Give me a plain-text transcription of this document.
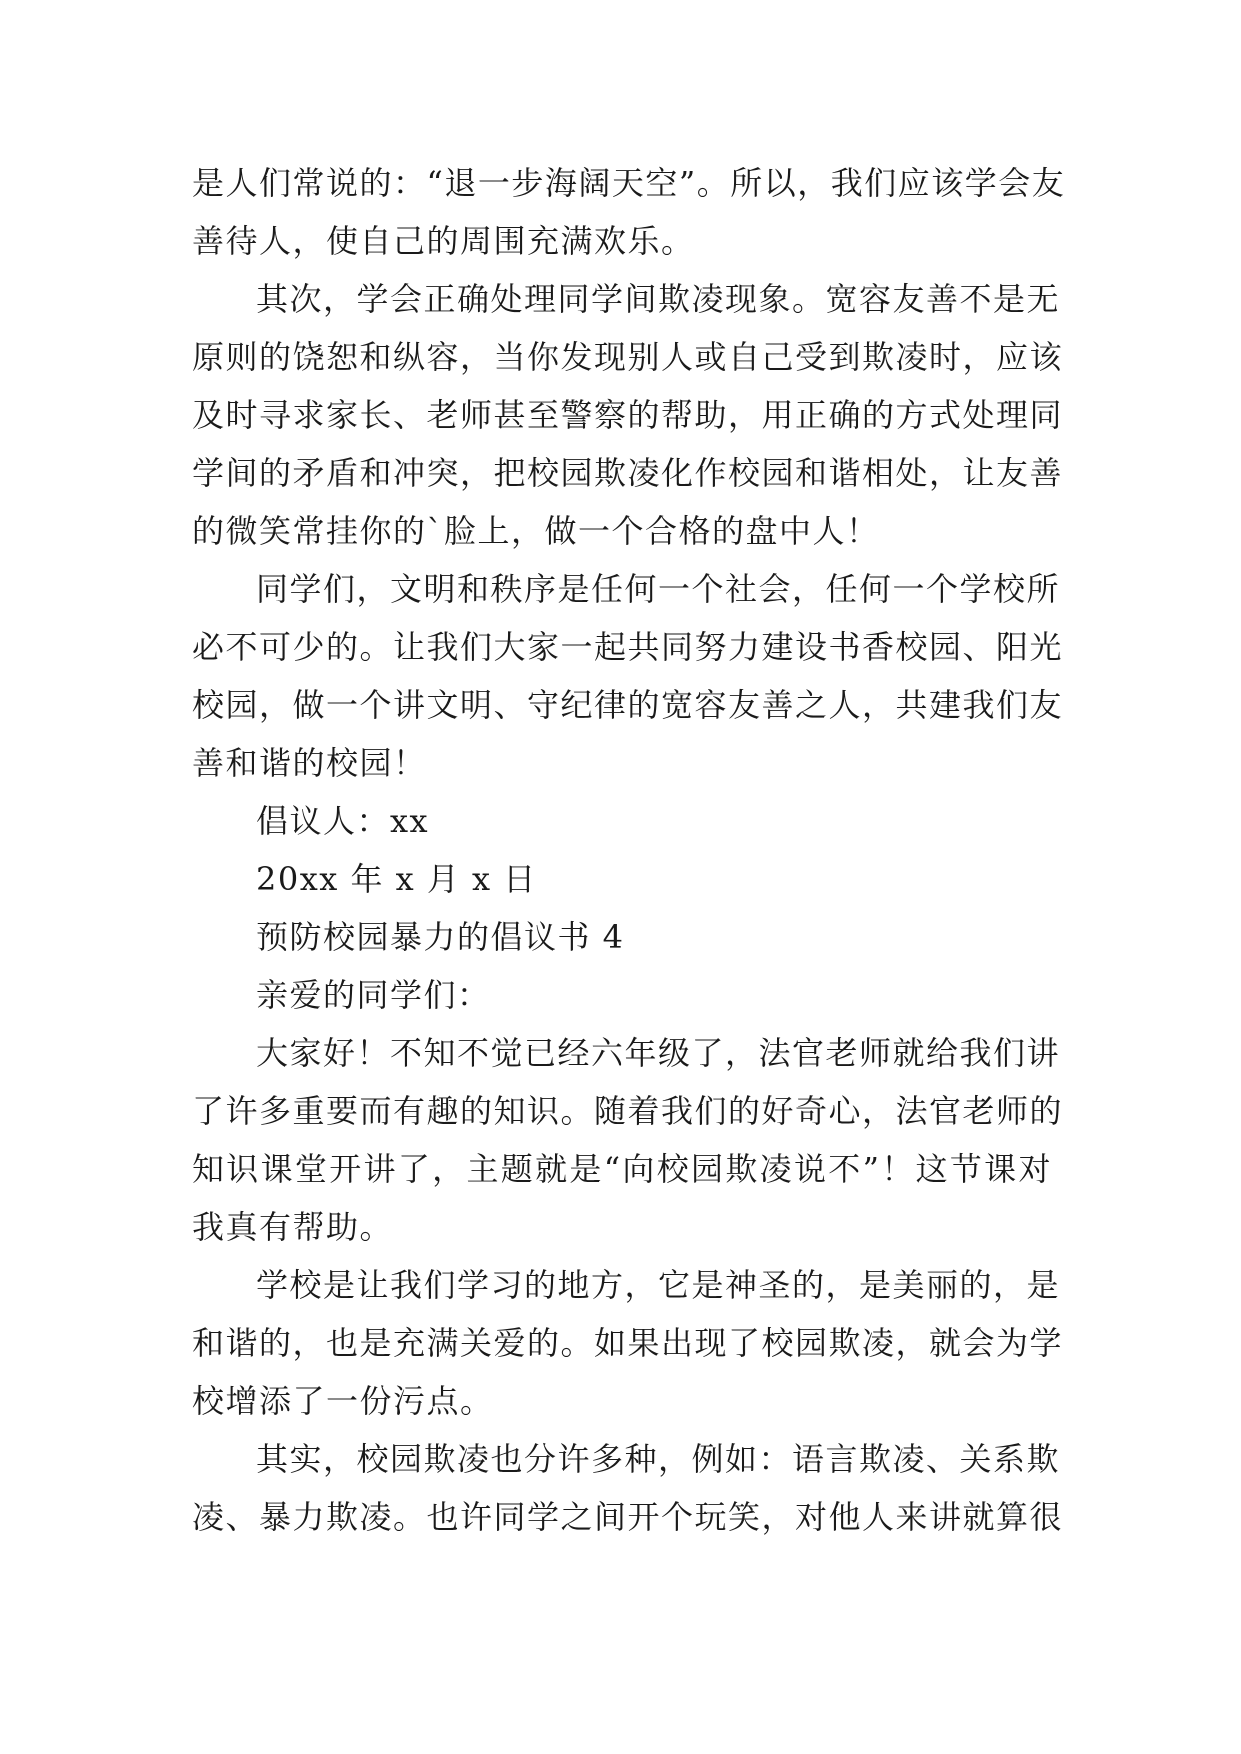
是人们常说的：“退一步海阔天空”。所以，我们应该学会友
善待人，使自己的周围充满欢乐。

其次，学会正确处理同学间欺凌现象。宽容友善不是无
原则的饶恕和纵容，当你发现别人或自己受到欺凌时，应该
及时寻求家长、老师甚至警察的帮助，用正确的方式处理同
学间的矛盾和冲突，把校园欺凌化作校园和谐相处，让友善
的微笑常挂你的`脸上，做一个合格的盘中人！

同学们，文明和秩序是任何一个社会，任何一个学校所
必不可少的。让我们大家一起共同努力建设书香校园、阳光
校园，做一个讲文明、守纪律的宽容友善之人，共建我们友
善和谐的校园！

倡议人：xx

20xx 年 x 月 x 日

预防校园暴力的倡议书 4

亲爱的同学们：

大家好！不知不觉已经六年级了，法官老师就给我们讲
了许多重要而有趣的知识。随着我们的好奇心，法官老师的
知识课堂开讲了，主题就是“向校园欺凌说不”！这节课对
我真有帮助。

学校是让我们学习的地方，它是神圣的，是美丽的，是
和谐的，也是充满关爱的。如果出现了校园欺凌，就会为学
校增添了一份污点。

其实，校园欺凌也分许多种，例如：语言欺凌、关系欺
凌、暴力欺凌。也许同学之间开个玩笑，对他人来讲就算很
